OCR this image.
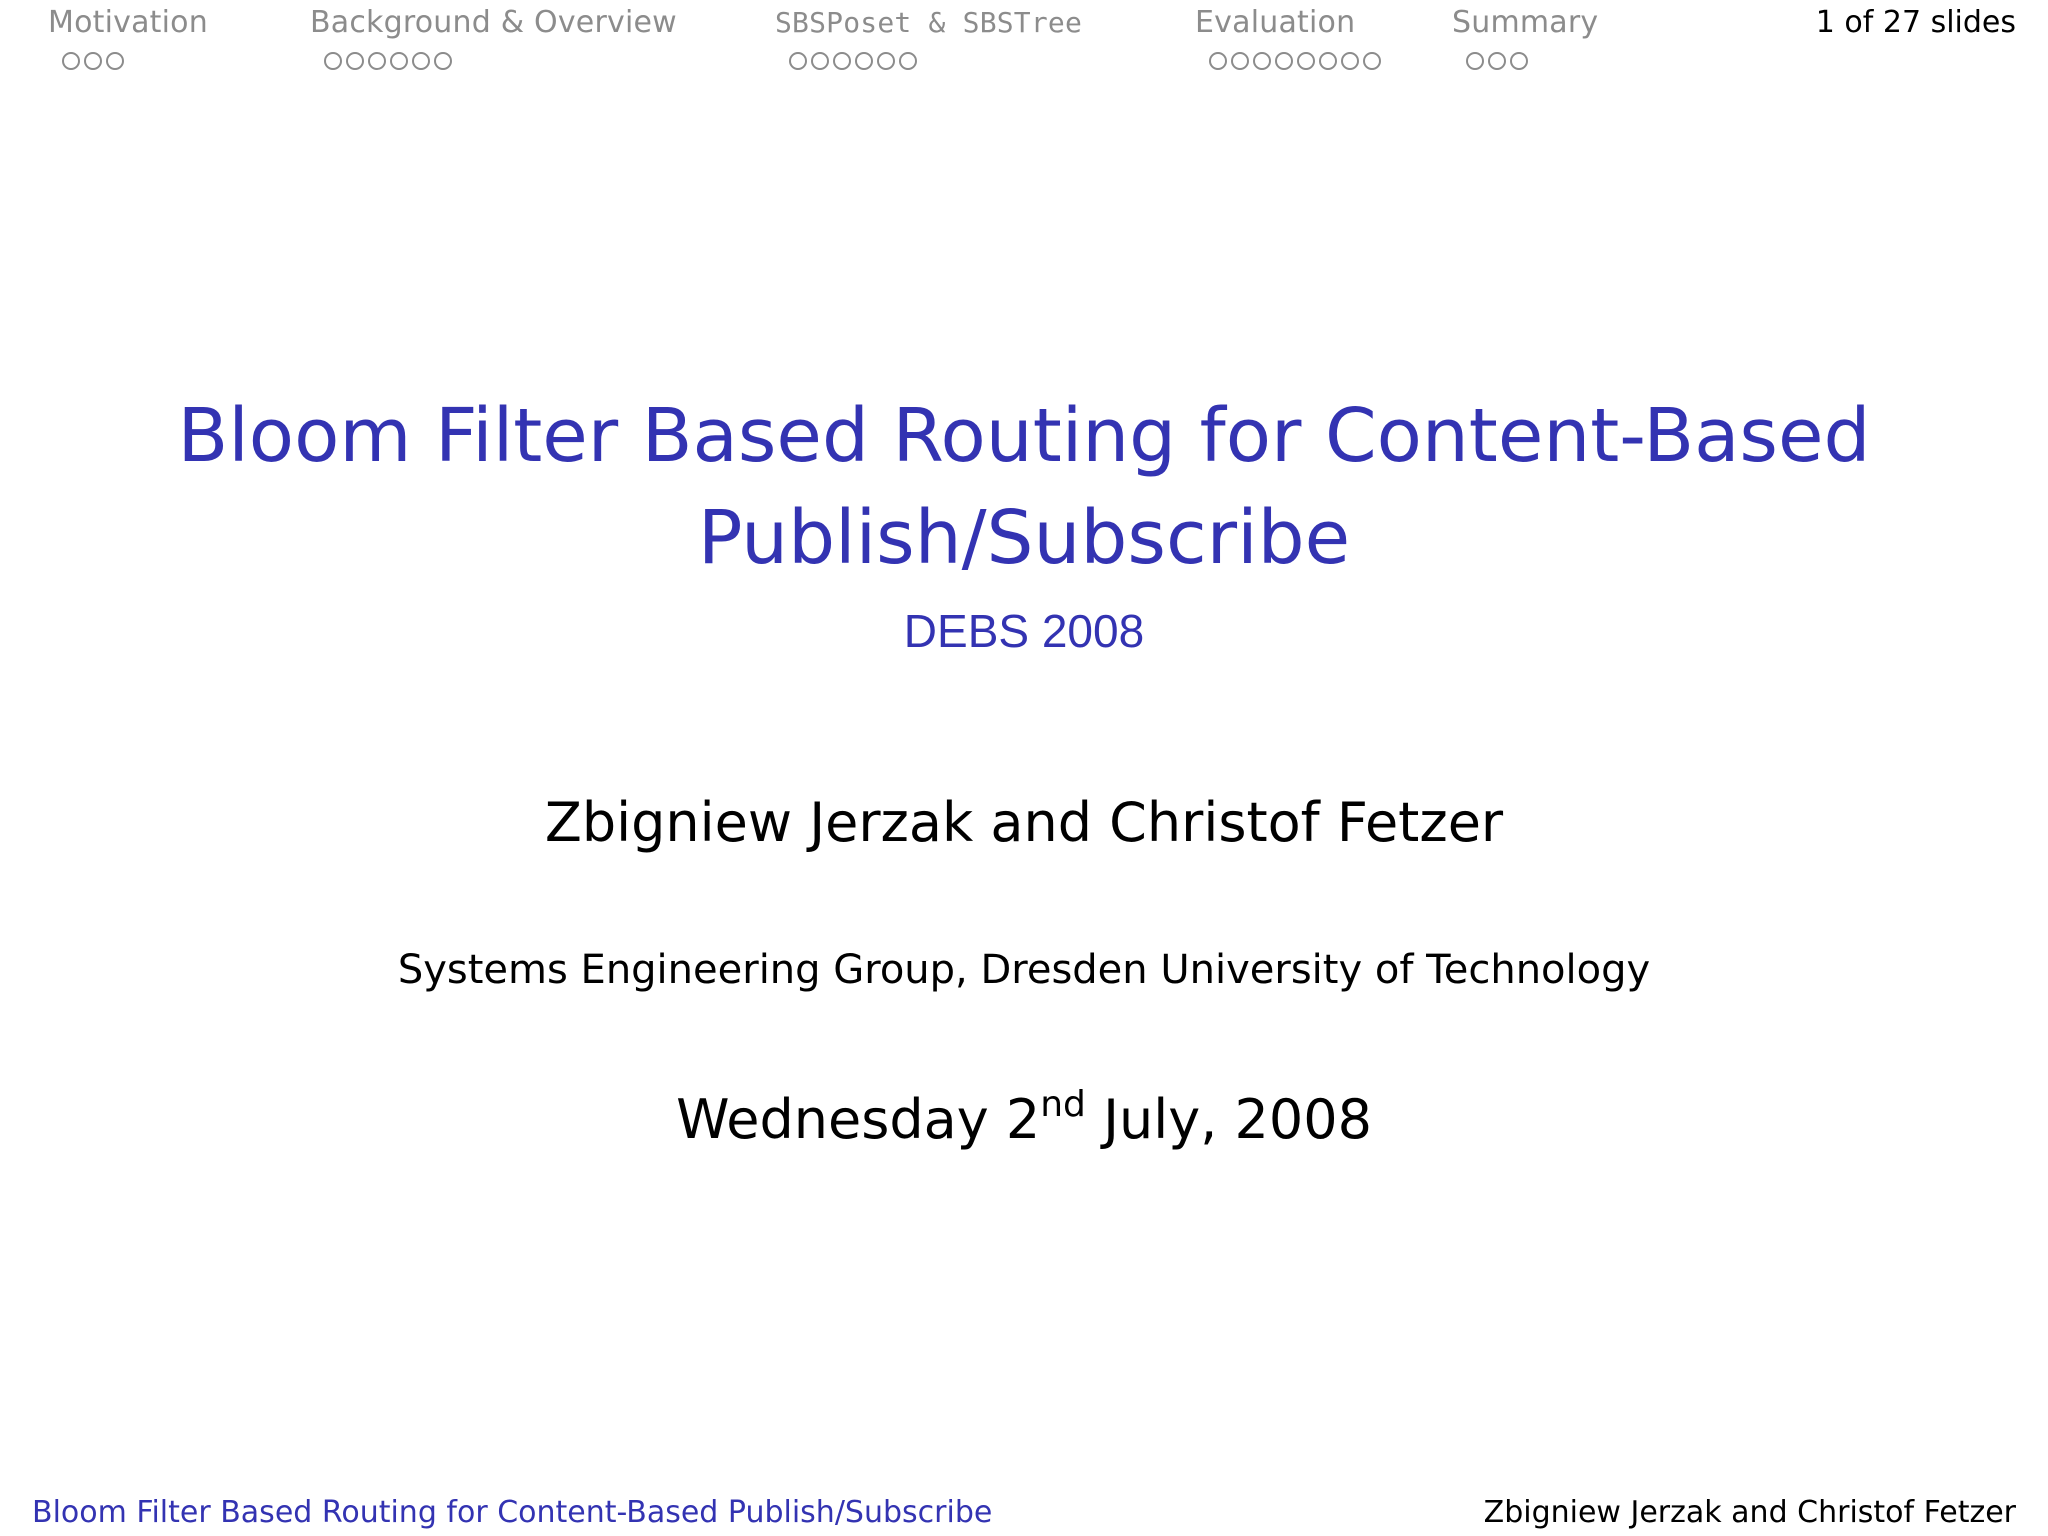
Motivation	Background & Overview	SBSPoset & SBSTree	Evaluation	Summary	1 of 27 slides
Bloom Filter Based Routing for Content-Based
Publish/Subscribe
DEBS 2008
Zbigniew Jerzak and Christof Fetzer
Systems Engineering Group, Dresden University of Technology
Wednesday 2nd July, 2008
Bloom Filter Based Routing for Content-Based Publish/Subscribe	Zbigniew Jerzak and Christof Fetzer
